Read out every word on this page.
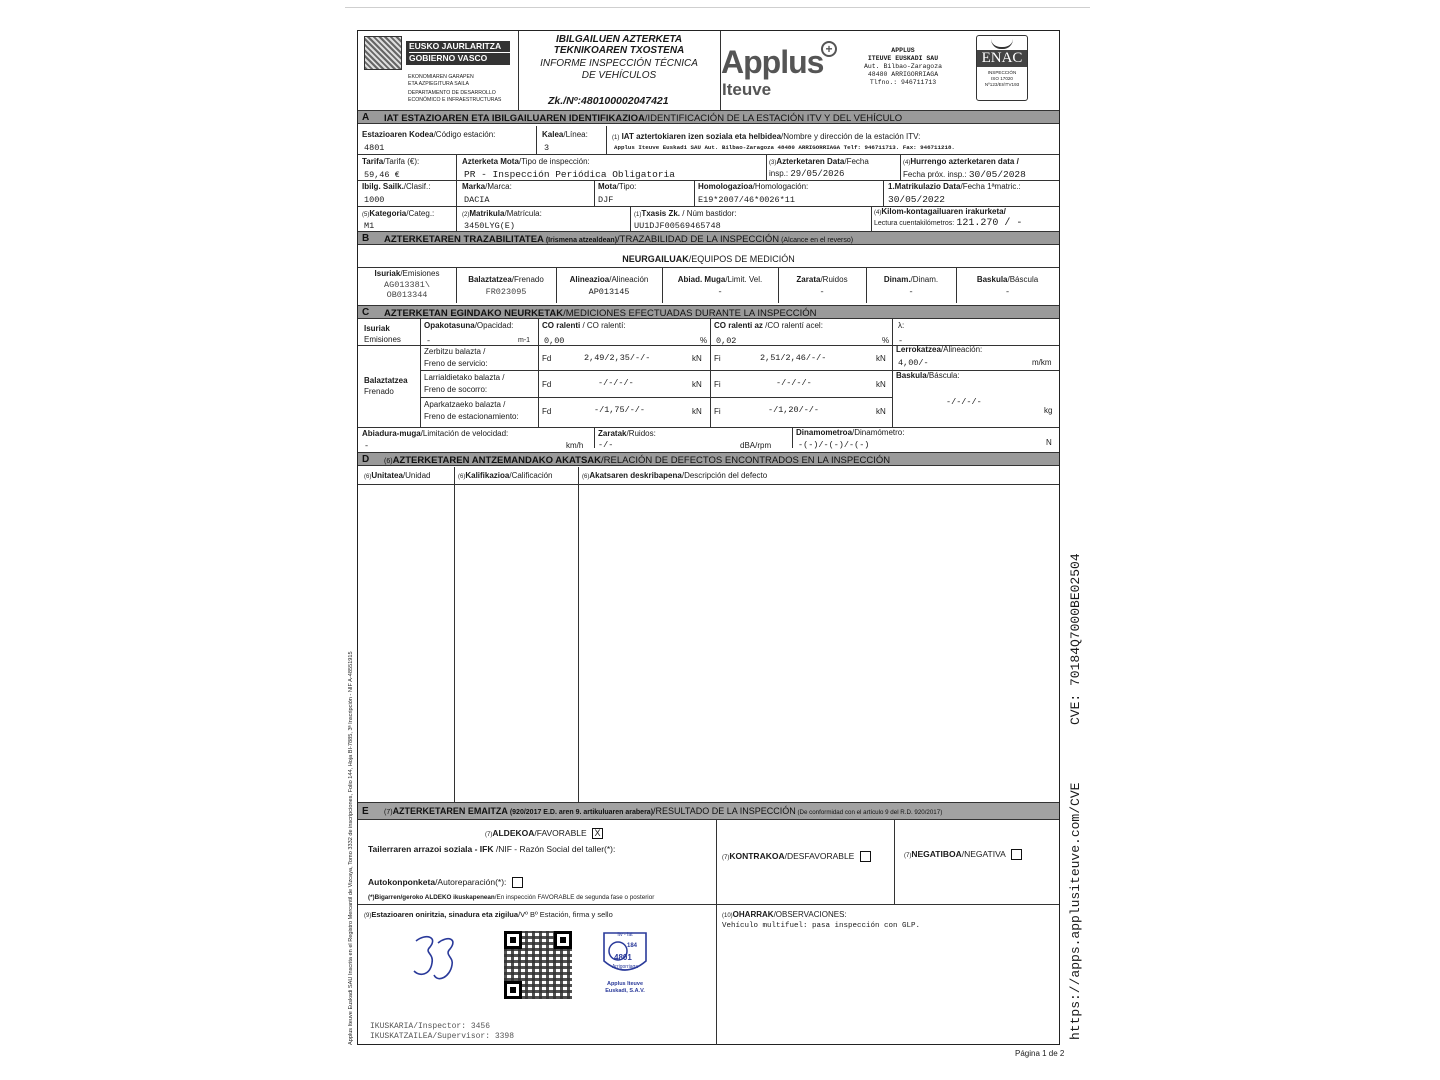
Applus Iteuve Euskadi SAU Inscrita en el Registro Mercantil de Vizcaya, Tomo 3332 de inscripciones, Folio 144, Hoja BI-7885, 3ª Inscripción - NIF A-48551915
CVE: 70184Q7000BE02504
https://apps.applusiteuve.com/CVE
EUSKO JAURLARITZA
GOBIERNO VASCO
EKONOMIAREN GARAPEN
ETA AZPIEGITURA SAILA
DEPARTAMENTO DE DESARROLLO
ECONÓMICO E INFRAESTRUCTURAS
IBILGAILUEN AZTERKETA
TEKNIKOAREN TXOSTENA
INFORME INSPECCIÓN TÉCNICA
DE VEHÍCULOS
Zk./Nº:480100002047421
Applus +
Iteuve
APPLUS
ITEUVE EUSKADI SAU
Aut. Bilbao-Zaragoza
48480 ARRIGORRIAGA
Tlfno.: 946711713
ENAC
INSPECCIÓN
ISO 17020
Nº123/EI/ITV193
A IAT ESTAZIOAREN ETA IBILGAILUAREN IDENTIFIKAZIOA/IDENTIFICACIÓN DE LA ESTACIÓN ITV Y DEL VEHÍCULO
Estazioaren Kodea/Código estación:
4801
Kalea/Línea:
3
(1) IAT aztertokiaren izen soziala eta helbidea/Nombre y dirección de la estación ITV:
Applus Iteuve Euskadi SAU Aut. Bilbao-Zaragoza 48480 ARRIGORRIAGA Telf: 946711713. Fax: 946711218.
Tarifa/Tarifa (€):
59,46 €
Azterketa Mota/Tipo de inspección:
PR - Inspección Periódica Obligatoria
(3)Azterketaren Data/Fecha
insp.: 29/05/2026
(4)Hurrengo azterketaren data /
Fecha próx. insp.: 30/05/2028
Ibilg. Sailk./Clasif.:
1000
Marka/Marca:
DACIA
Mota/Tipo:
DJF
Homologazioa/Homologación:
E19*2007/46*0026*11
1.Matrikulazio Data/Fecha 1ªmatric.:
30/05/2022
(5)Kategoria/Categ.:
M1
(2)Matrikula/Matrícula:
3450LYG(E)
(1)Txasis Zk. / Núm bastidor:
UU1DJF00569465748
(4)Kilom-kontagailuaren irakurketa/
Lectura cuentakilómetros: 121.270 / -
B AZTERKETAREN TRAZABILITATEA (Irismena atzealdean)/TRAZABILIDAD DE LA INSPECCIÓN (Alcance en el reverso)
NEURGAILUAK/EQUIPOS DE MEDICIÓN
Isuriak/Emisiones
AG013381\
OB013344
Balaztatzea/Frenado
FR023095
Alineazioa/Alineación
AP013145
Abiad. Muga/Limit. Vel.
-
Zarata/Ruidos
-
Dinam./Dinam.
-
Baskula/Báscula
-
C AZTERKETAN EGINDAKO NEURKETAK/MEDICIONES EFECTUADAS DURANTE LA INSPECCIÓN
Isuriak
Emisiones
Opakotasuna/Opacidad:
-	m-1
CO ralenti / CO ralentí:
0,00	%
CO ralenti az /CO ralentí acel:
0,02	%
λ:
-
Balaztatzea
Frenado
Zerbitzu balazta /
Freno de servicio:
Fd	2,49/2,35/-/-	kN Fi	2,51/2,46/-/-	kN
Larrialdietako balazta /
Freno de socorro:
Fd	-/-/-/-	kN Fi	-/-/-/-	kN
Aparkatzaeko balazta /
Freno de estacionamiento:
Fd	-/1,75/-/-	kN Fi	-/1,20/-/-	kN
Lerrokatzea/Alineación:
4,00/-	m/km
Baskula/Báscula:
-/-/-/-
kg
Abiadura-muga/Limitación de velocidad:
-	km/h
Zaratak/Ruidos:
-/-	dBA/rpm
Dinamometroa/Dinamómetro:
-(-)/-(-)/-(-)	N
D (6)AZTERKETAREN ANTZEMANDAKO AKATSAK/RELACIÓN DE DEFECTOS ENCONTRADOS EN LA INSPECCIÓN
(6)Unitatea/Unidad	(6)Kalifikazioa/Calificación	(6)Akatsaren deskribapena/Descripción del defecto
E (7)AZTERKETAREN EMAITZA (920/2017 E.D. aren 9. artikuluaren arabera)/RESULTADO DE LA INSPECCIÓN (De conformidad con el artículo 9 del R.D. 920/2017)
(7)ALDEKOA/FAVORABLE X
Tailerraren arrazoi soziala - IFK /NIF - Razón Social del taller(*):
Autokonponketa/Autoreparación(*):
(*)Bigarren/geroko ALDEKO ikuskapenean/En inspección FAVORABLE de segunda fase o posterior
(7)KONTRAKOA/DESFAVORABLE	(7)NEGATIBOA/NEGATIVA
(9)Estazioaren oniritzia, sinadura eta zigilua/Vº Bº Estación, firma y sello	(10)OHARRAK/OBSERVACIONES:
Vehículo multifuel: pasa inspección con GLP.
Itv - Iat
184
4801
Arrigorriaga
Applus Iteuve
Euskadi, S.A.V.
IKUSKARIA/Inspector: 3456
IKUSKATZAILEA/Supervisor: 3398
Página 1 de 2
